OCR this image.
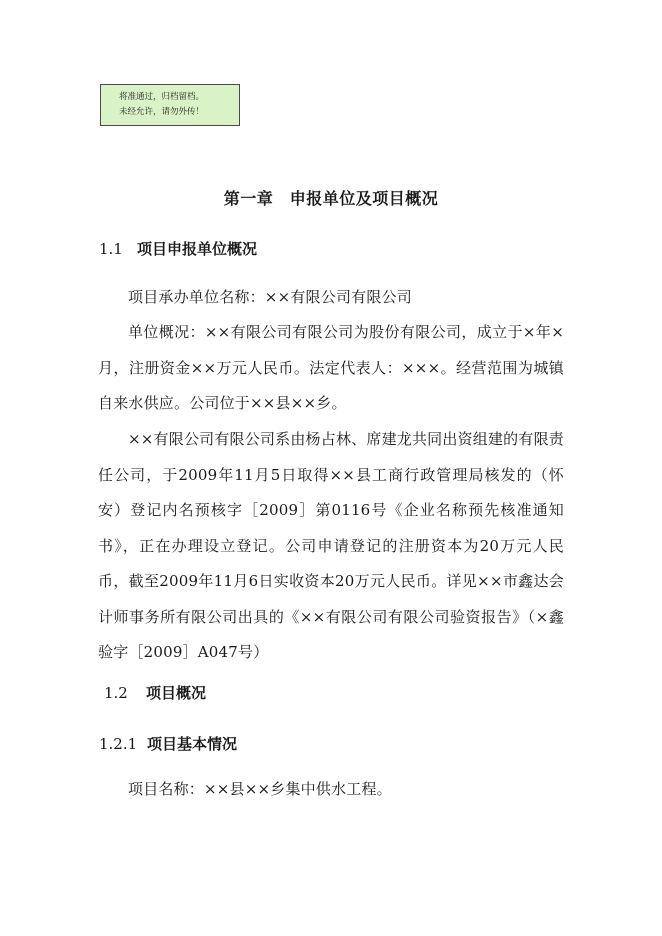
将准通过，归档留档。
未经允许，请勿外传！
第一章　申报单位及项目概况
1.1 项目申报单位概况

项目承办单位名称：××有限公司有限公司

单位概况：××有限公司有限公司为股份有限公司，成立于×年×月，注册资金××万元人民币。法定代表人：×××。经营范围为城镇自来水供应。公司位于××县××乡。

××有限公司有限公司系由杨占林、席建龙共同出资组建的有限责任公司，于2009年11月5日取得××县工商行政管理局核发的（怀安）登记内名预核字［2009］第0116号《企业名称预先核准通知书》，正在办理设立登记。公司申请登记的注册资本为20万元人民币，截至2009年11月6日实收资本20万元人民币。详见××市鑫达会计师事务所有限公司出具的《××有限公司有限公司验资报告》（×鑫验字［2009］A047号）

1.2 项目概况
1.2.1 项目基本情况

项目名称：××县××乡集中供水工程。
